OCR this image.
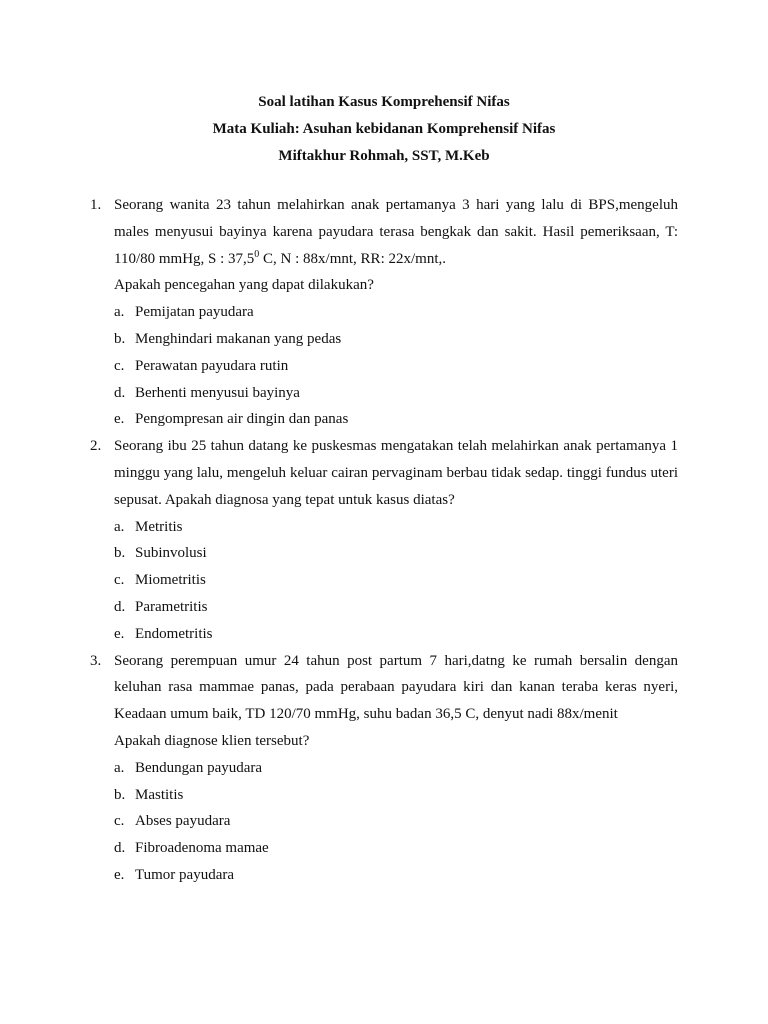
Soal latihan Kasus Komprehensif Nifas
Mata Kuliah: Asuhan kebidanan Komprehensif Nifas
Miftakhur Rohmah, SST, M.Keb
1. Seorang wanita 23 tahun melahirkan anak pertamanya 3 hari yang lalu di BPS,mengeluh males menyusui bayinya karena payudara terasa bengkak dan sakit. Hasil pemeriksaan, T: 110/80 mmHg, S : 37,5$^0$ C, N : 88x/mnt, RR: 22x/mnt,.

Apakah pencegahan yang dapat dilakukan?

a. Pemijatan payudara
b. Menghindari makanan yang pedas
c. Perawatan payudara rutin
d. Berhenti menyusui bayinya
e. Pengompresan air dingin dan panas
2. Seorang ibu 25 tahun datang ke puskesmas mengatakan telah melahirkan anak pertamanya 1 minggu yang lalu, mengeluh keluar cairan pervaginam berbau tidak sedap. tinggi fundus uteri sepusat. Apakah diagnosa yang tepat untuk kasus diatas?

a. Metritis
b. Subinvolusi
c. Miometritis
d. Parametritis
e. Endometritis
3. Seorang perempuan umur 24 tahun post partum 7 hari,datng ke rumah bersalin dengan keluhan rasa mammae panas, pada perabaan payudara kiri dan kanan teraba keras nyeri, Keadaan umum baik, TD 120/70 mmHg, suhu badan 36,5 C, denyut nadi 88x/menit

Apakah diagnose klien tersebut?

a. Bendungan payudara
b. Mastitis
c. Abses payudara
d. Fibroadenoma mamae
e. Tumor payudara
